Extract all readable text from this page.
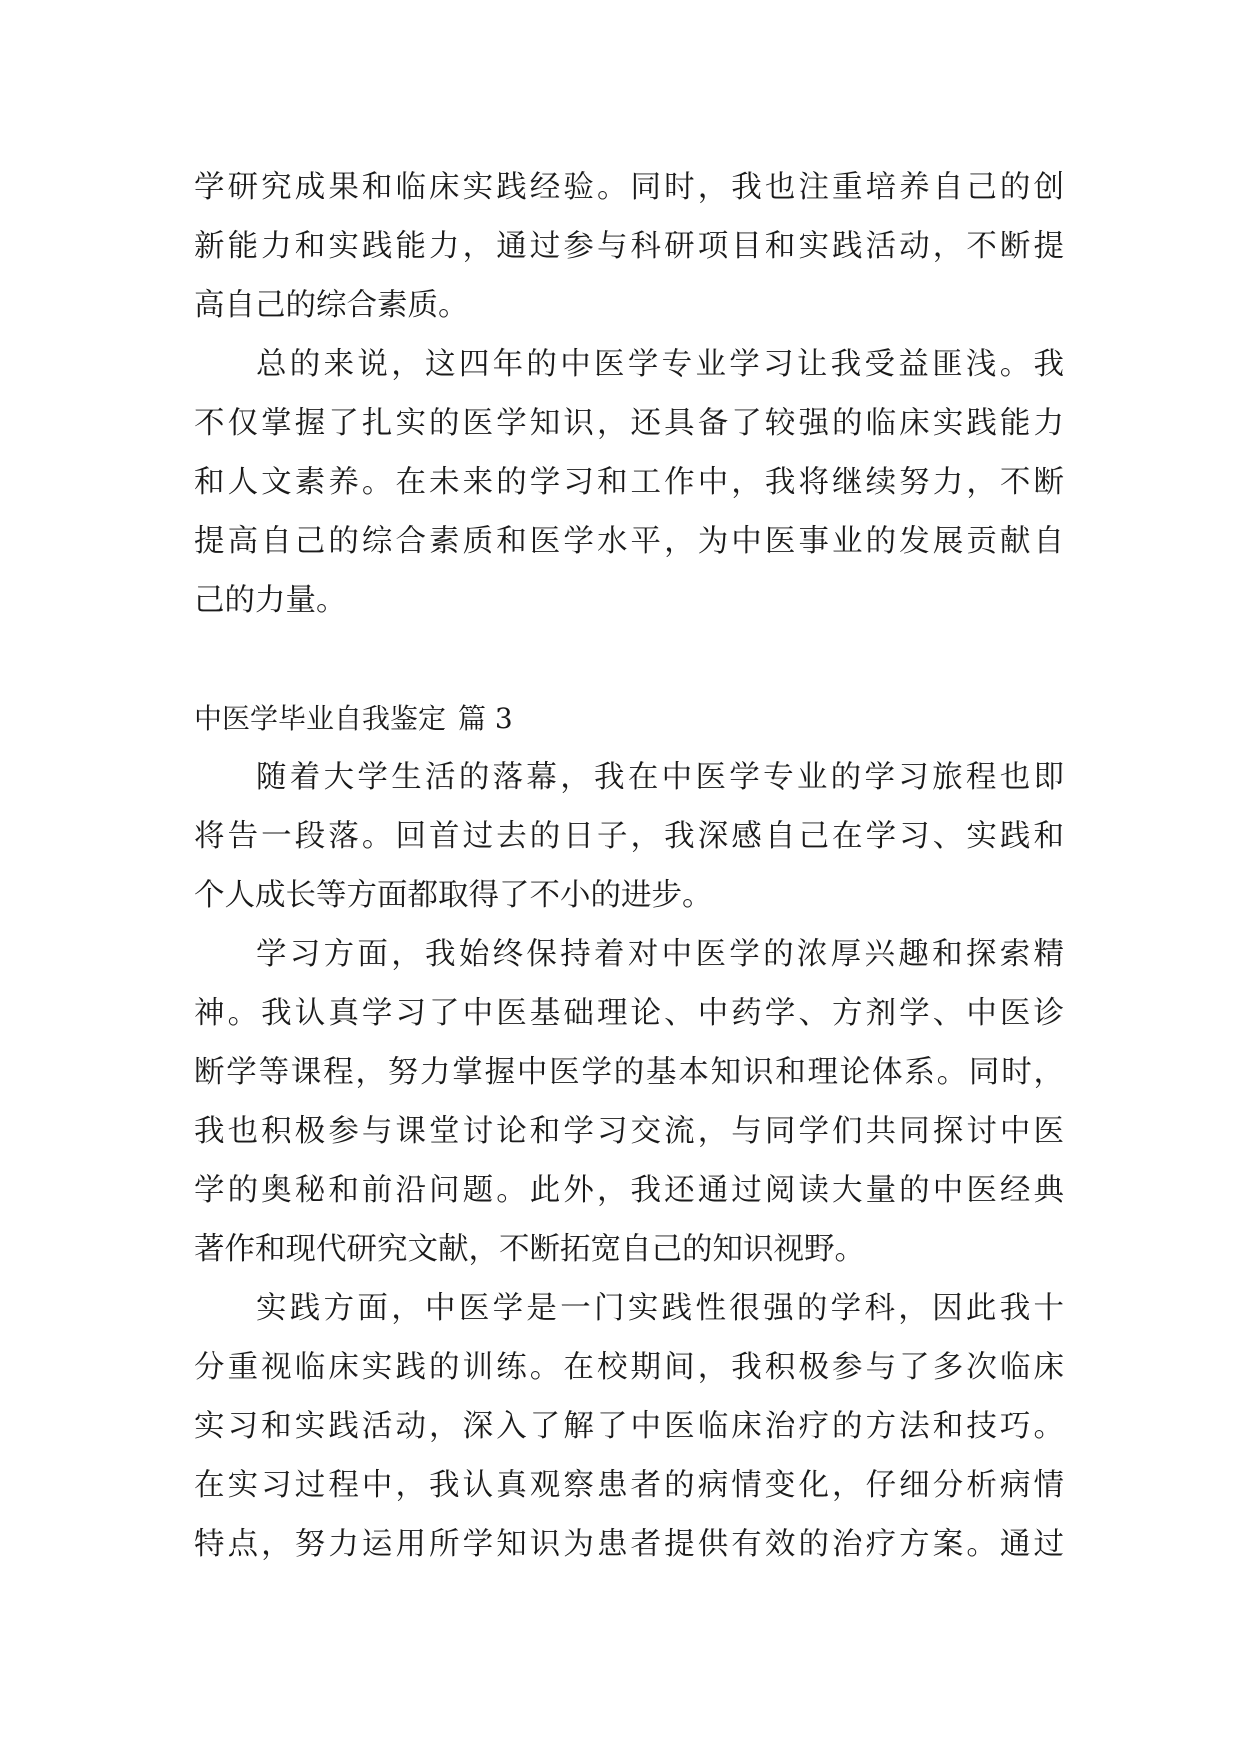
学研究成果和临床实践经验。同时，我也注重培养自己的创
新能力和实践能力，通过参与科研项目和实践活动，不断提
高自己的综合素质。
总的来说，这四年的中医学专业学习让我受益匪浅。我
不仅掌握了扎实的医学知识，还具备了较强的临床实践能力
和人文素养。在未来的学习和工作中，我将继续努力，不断
提高自己的综合素质和医学水平，为中医事业的发展贡献自
己的力量。
中医学毕业自我鉴定 篇 3
随着大学生活的落幕，我在中医学专业的学习旅程也即
将告一段落。回首过去的日子，我深感自己在学习、实践和
个人成长等方面都取得了不小的进步。
学习方面，我始终保持着对中医学的浓厚兴趣和探索精
神。我认真学习了中医基础理论、中药学、方剂学、中医诊
断学等课程，努力掌握中医学的基本知识和理论体系。同时，
我也积极参与课堂讨论和学习交流，与同学们共同探讨中医
学的奥秘和前沿问题。此外，我还通过阅读大量的中医经典
著作和现代研究文献，不断拓宽自己的知识视野。
实践方面，中医学是一门实践性很强的学科，因此我十
分重视临床实践的训练。在校期间，我积极参与了多次临床
实习和实践活动，深入了解了中医临床治疗的方法和技巧。
在实习过程中，我认真观察患者的病情变化，仔细分析病情
特点，努力运用所学知识为患者提供有效的治疗方案。通过
